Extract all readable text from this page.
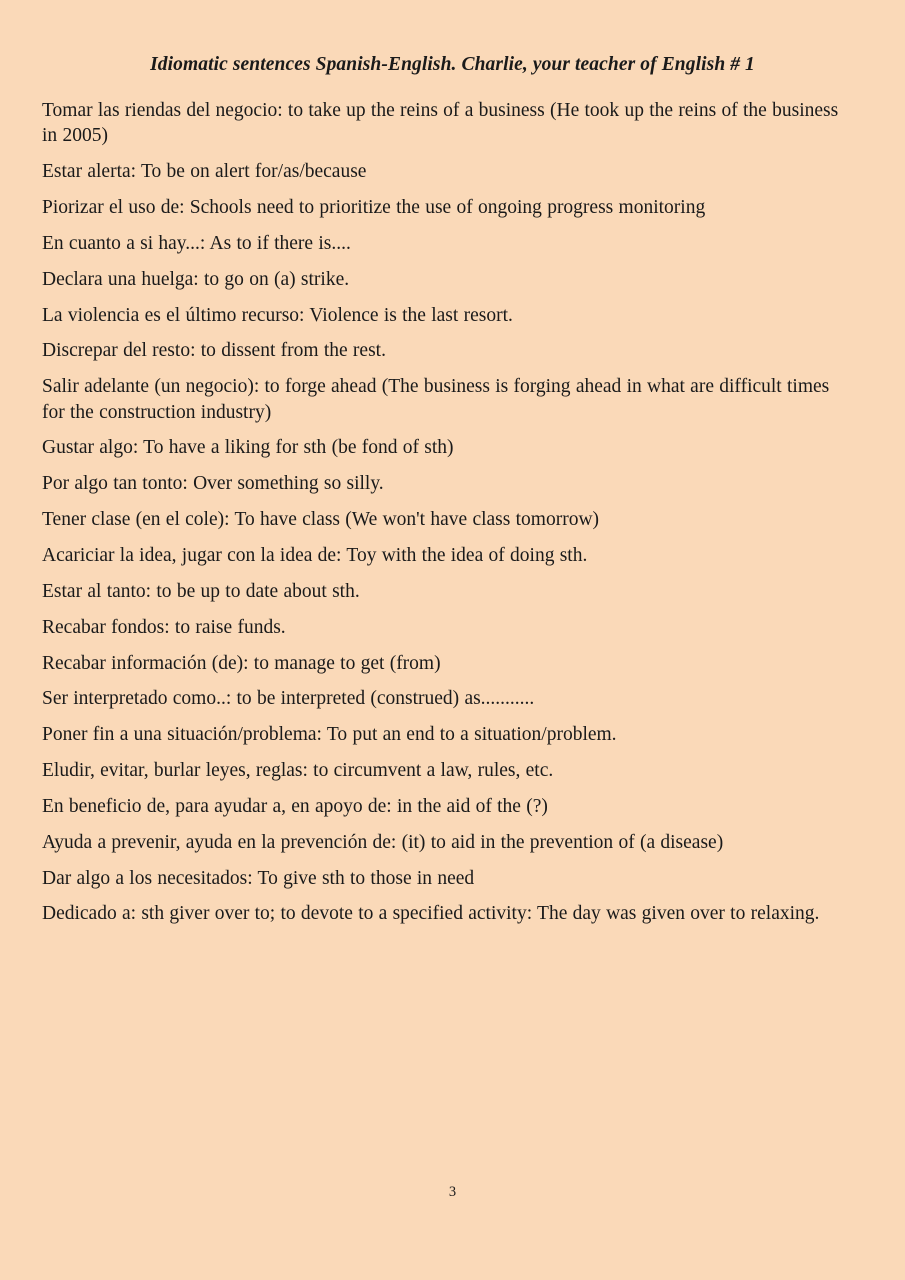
Idiomatic sentences Spanish-English. Charlie, your teacher of English # 1

Tomar las riendas del negocio: to take up the reins of a business (He took up the reins of the business in 2005)

Estar alerta: To be on alert for/as/because

Piorizar el uso de: Schools need to prioritize the use of ongoing progress monitoring

En cuanto a si hay...: As to if there is....

Declara una huelga: to go on (a) strike.

La violencia es el último recurso: Violence is the last resort.

Discrepar del resto: to dissent from the rest.

Salir adelante (un negocio): to forge ahead (The business is forging ahead in what are difficult times for the construction industry)

Gustar algo: To have a liking for sth (be fond of sth)

Por algo tan tonto: Over something so silly.

Tener clase (en el cole): To have class (We won't have class tomorrow)

Acariciar la idea, jugar con la idea de: Toy with the idea of doing sth.

Estar al tanto: to be up to date about sth.

Recabar fondos: to raise funds.

Recabar información (de): to manage to get (from)

Ser interpretado como..: to be interpreted (construed) as...........

Poner fin a una situación/problema: To put an end to a situation/problem.

Eludir, evitar, burlar leyes, reglas: to circumvent a law, rules, etc.

En beneficio de, para ayudar a, en apoyo de: in the aid of the (?)

Ayuda a prevenir, ayuda en la prevención de: (it) to aid in the prevention of (a disease)

Dar algo a los necesitados: To give sth to those in need

Dedicado a: sth giver over to; to devote to a specified activity: The day was given over to relaxing.

3
